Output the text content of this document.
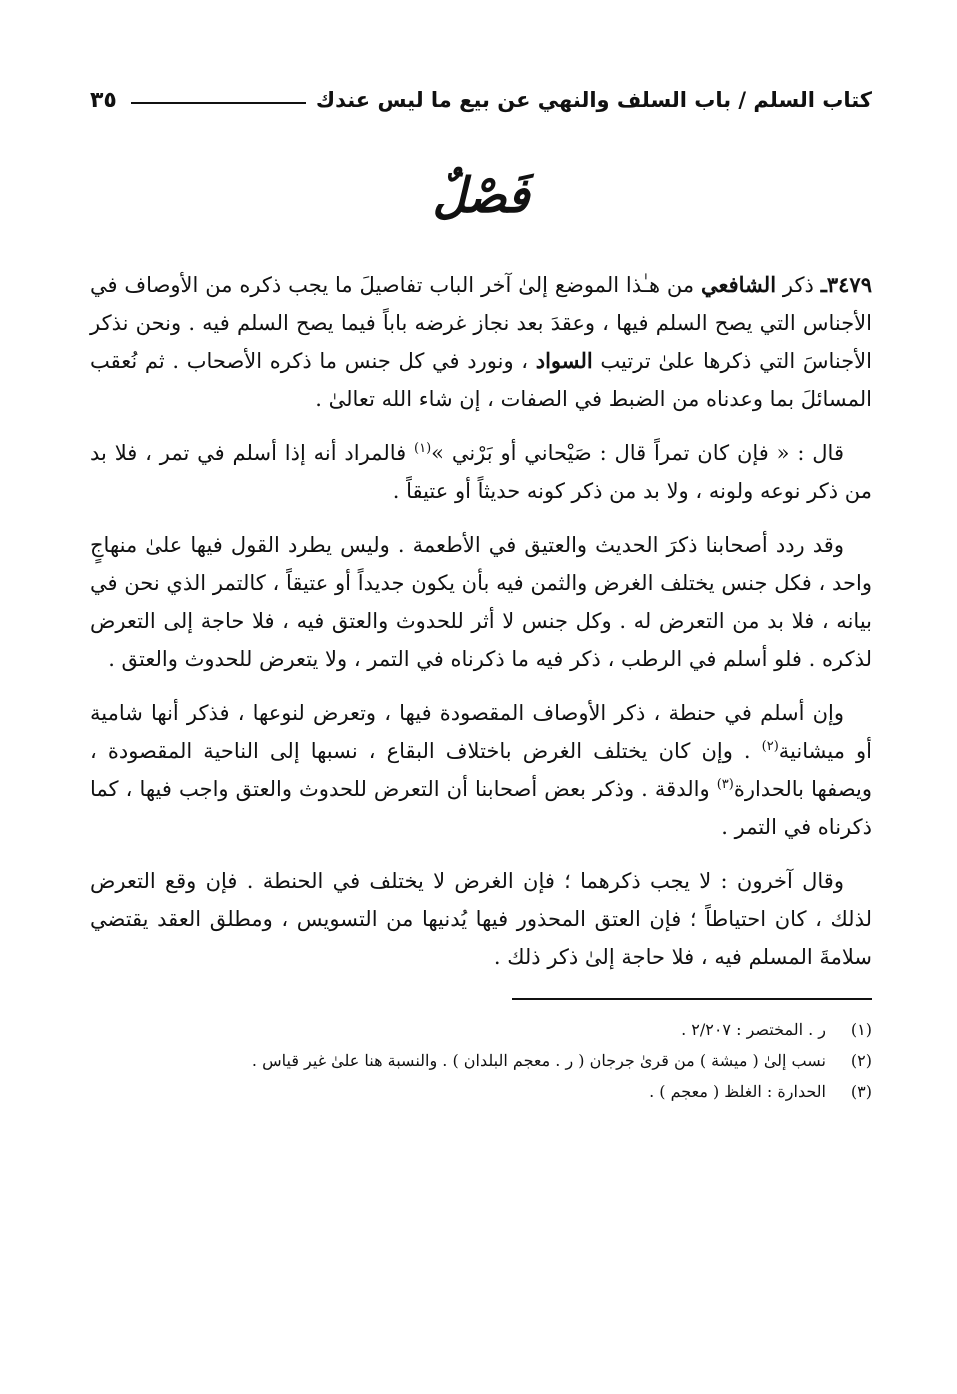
كتاب السلم / باب السلف والنهي عن بيع ما ليس عندك
٣٥
فَصْلٌ

٣٤٧٩ـ ذكر الشافعي من هـٰذا الموضع إلىٰ آخر الباب تفاصيلَ ما يجب ذكره من الأوصاف في الأجناس التي يصح السلم فيها ، وعقدَ بعد نجاز غرضه باباً فيما يصح السلم فيه . ونحن نذكر الأجناسَ التي ذكرها علىٰ ترتيب السواد ، ونورد في كل جنس ما ذكره الأصحاب . ثم نُعقب المسائلَ بما وعدناه من الضبط في الصفات ، إن شاء الله تعالىٰ .

قال : « فإن كان تمراً قال : صَيْحاني أو بَرْني »$^{(١)}$ فالمراد أنه إذا أسلم في تمر ، فلا بد من ذكر نوعه ولونه ، ولا بد من ذكر كونه حديثاً أو عتيقاً .

وقد ردد أصحابنا ذكرَ الحديث والعتيق في الأطعمة . وليس يطرد القول فيها علىٰ منهاجٍ واحد ، فكل جنس يختلف الغرض والثمن فيه بأن يكون جديداً أو عتيقاً ، كالتمر الذي نحن في بيانه ، فلا بد من التعرض له . وكل جنس لا أثر للحدوث والعتق فيه ، فلا حاجة إلى التعرض لذكره . فلو أسلم في الرطب ، ذكر فيه ما ذكرناه في التمر ، ولا يتعرض للحدوث والعتق .

وإن أسلم في حنطة ، ذكر الأوصاف المقصودة فيها ، وتعرض لنوعها ، فذكر أنها شامية أو ميشانية$^{(٢)}$ . وإن كان يختلف الغرض باختلاف البقاع ، نسبها إلى الناحية المقصودة ، ويصفها بالحدارة$^{(٣)}$ والدقة . وذكر بعض أصحابنا أن التعرض للحدوث والعتق واجب فيها ، كما ذكرناه في التمر .

وقال آخرون : لا يجب ذكرهما ؛ فإن الغرض لا يختلف في الحنطة . فإن وقع التعرض لذلك ، كان احتياطاً ؛ فإن العتق المحذور فيها يُدنيها من التسويس ، ومطلق العقد يقتضي سلامةَ المسلم فيه ، فلا حاجة إلىٰ ذكر ذلك .

(١)
ر . المختصر : ٢/٢٠٧ .
(٢)
نسب إلىٰ ( ميشة ) من قرىٰ جرجان ( ر . معجم البلدان ) . والنسبة هنا علىٰ غير قياس .
(٣)
الحدارة : الغلظ ( معجم ) .
